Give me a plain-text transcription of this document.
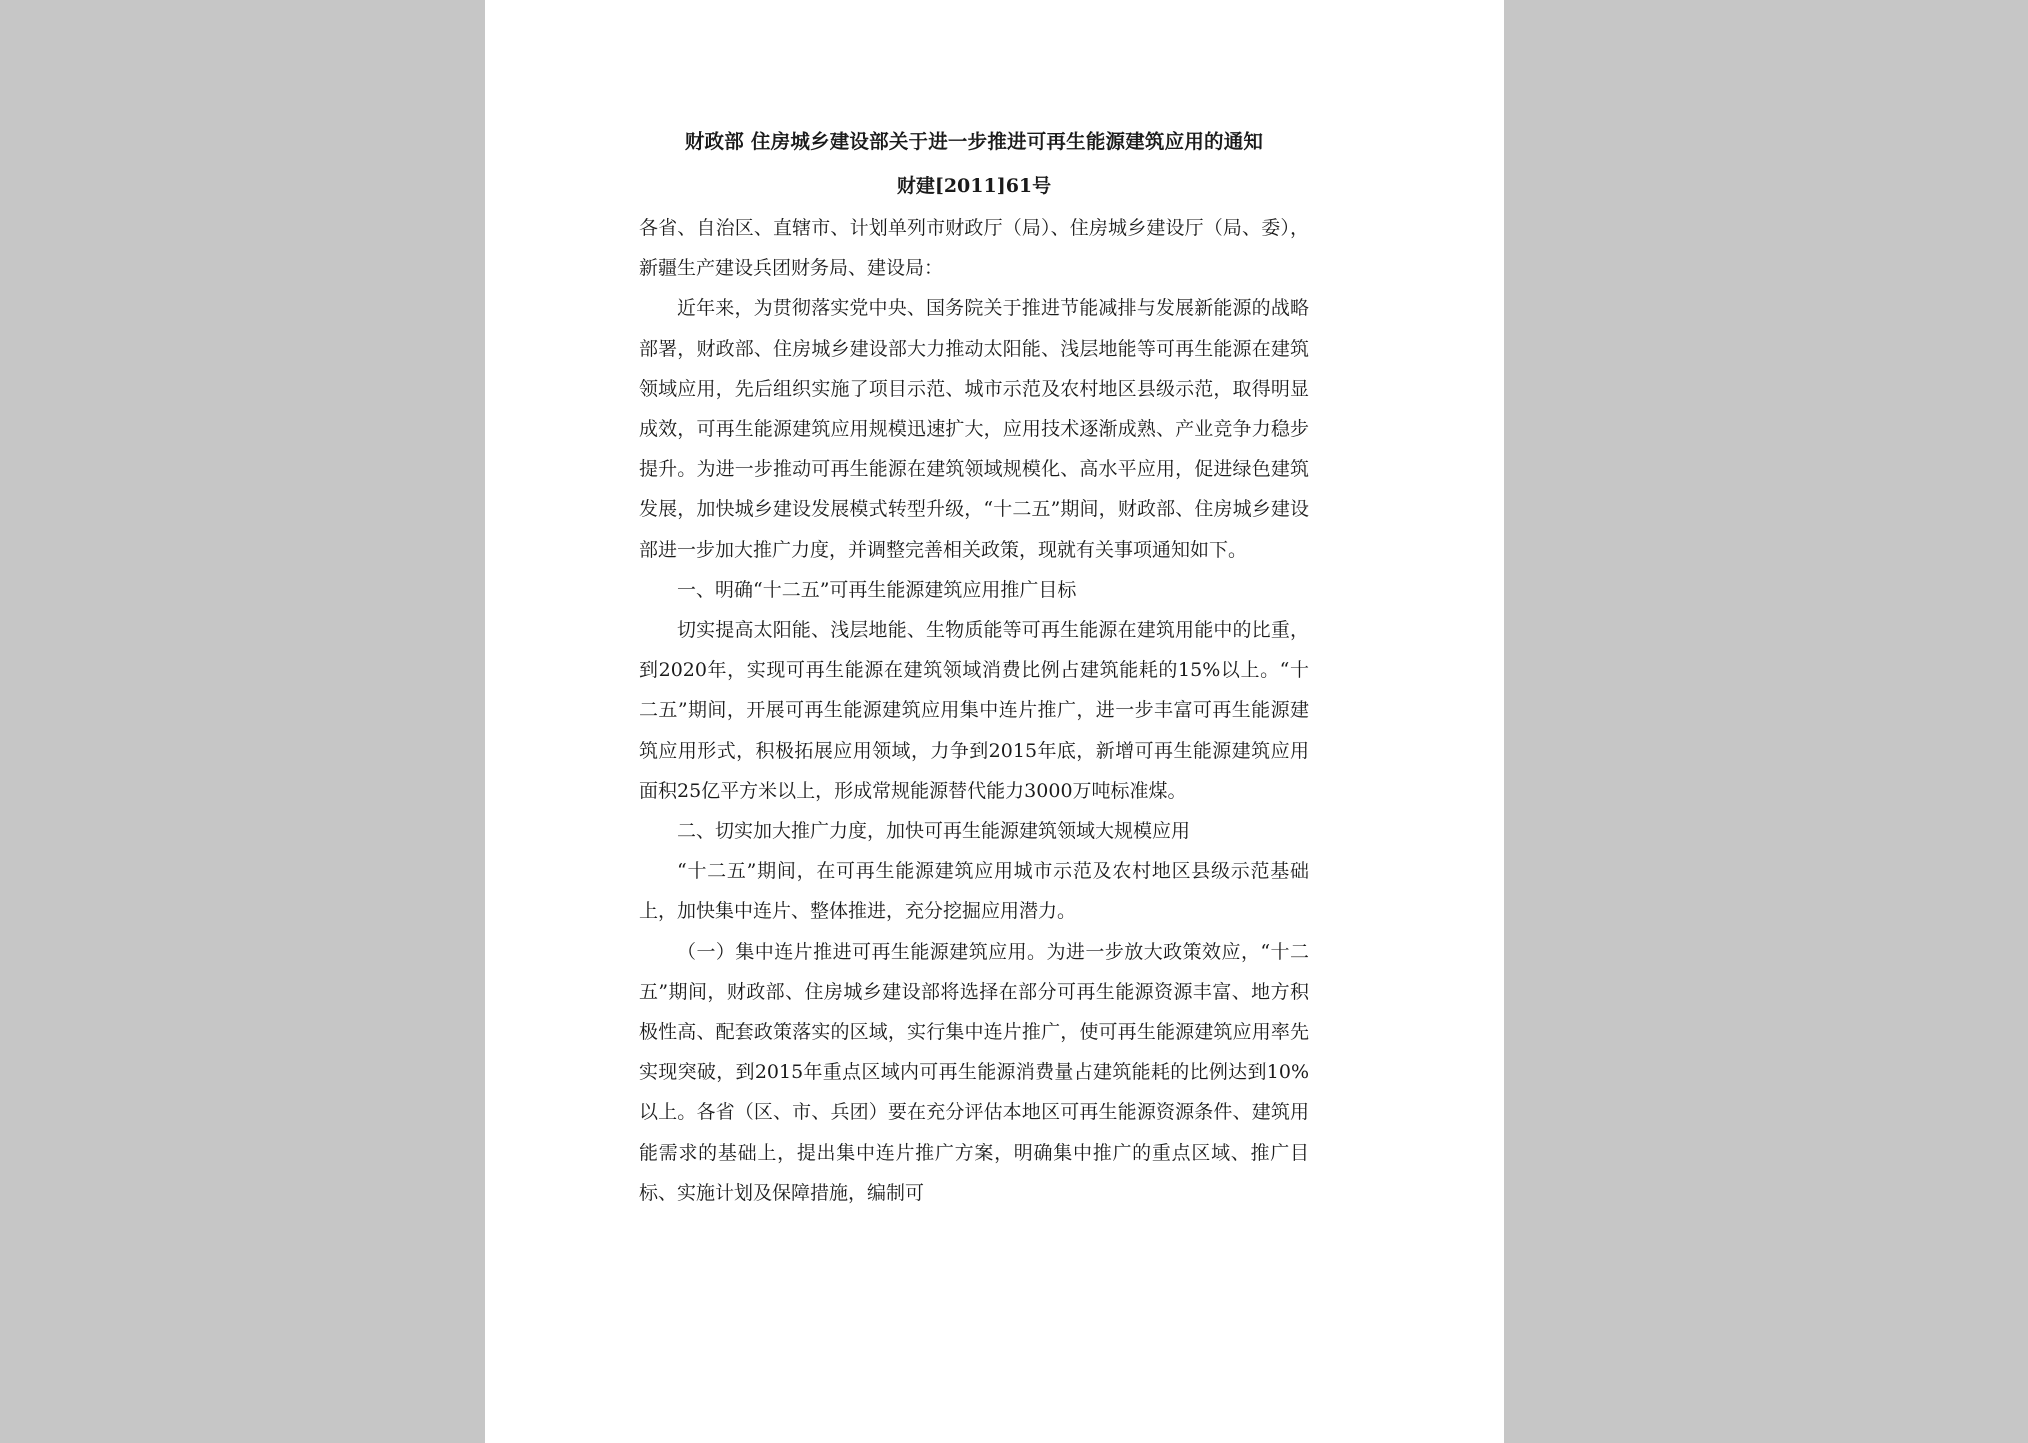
财政部 住房城乡建设部关于进一步推进可再生能源建筑应用的通知

财建[2011]61号

各省、自治区、直辖市、计划单列市财政厅（局）、住房城乡建设厅（局、委），新疆生产建设兵团财务局、建设局：

近年来，为贯彻落实党中央、国务院关于推进节能减排与发展新能源的战略部署，财政部、住房城乡建设部大力推动太阳能、浅层地能等可再生能源在建筑领域应用，先后组织实施了项目示范、城市示范及农村地区县级示范，取得明显成效，可再生能源建筑应用规模迅速扩大，应用技术逐渐成熟、产业竞争力稳步提升。为进一步推动可再生能源在建筑领域规模化、高水平应用，促进绿色建筑发展，加快城乡建设发展模式转型升级，“十二五”期间，财政部、住房城乡建设部进一步加大推广力度，并调整完善相关政策，现就有关事项通知如下。

一、明确“十二五”可再生能源建筑应用推广目标

切实提高太阳能、浅层地能、生物质能等可再生能源在建筑用能中的比重，到2020年，实现可再生能源在建筑领域消费比例占建筑能耗的15%以上。“十二五”期间，开展可再生能源建筑应用集中连片推广，进一步丰富可再生能源建筑应用形式，积极拓展应用领域，力争到2015年底，新增可再生能源建筑应用面积25亿平方米以上，形成常规能源替代能力3000万吨标准煤。

二、切实加大推广力度，加快可再生能源建筑领域大规模应用

“十二五”期间，在可再生能源建筑应用城市示范及农村地区县级示范基础上，加快集中连片、整体推进，充分挖掘应用潜力。

（一）集中连片推进可再生能源建筑应用。为进一步放大政策效应，“十二五”期间，财政部、住房城乡建设部将选择在部分可再生能源资源丰富、地方积极性高、配套政策落实的区域，实行集中连片推广，使可再生能源建筑应用率先实现突破，到2015年重点区域内可再生能源消费量占建筑能耗的比例达到10%以上。各省（区、市、兵团）要在充分评估本地区可再生能源资源条件、建筑用能需求的基础上，提出集中连片推广方案，明确集中推广的重点区域、推广目标、实施计划及保障措施，编制可
